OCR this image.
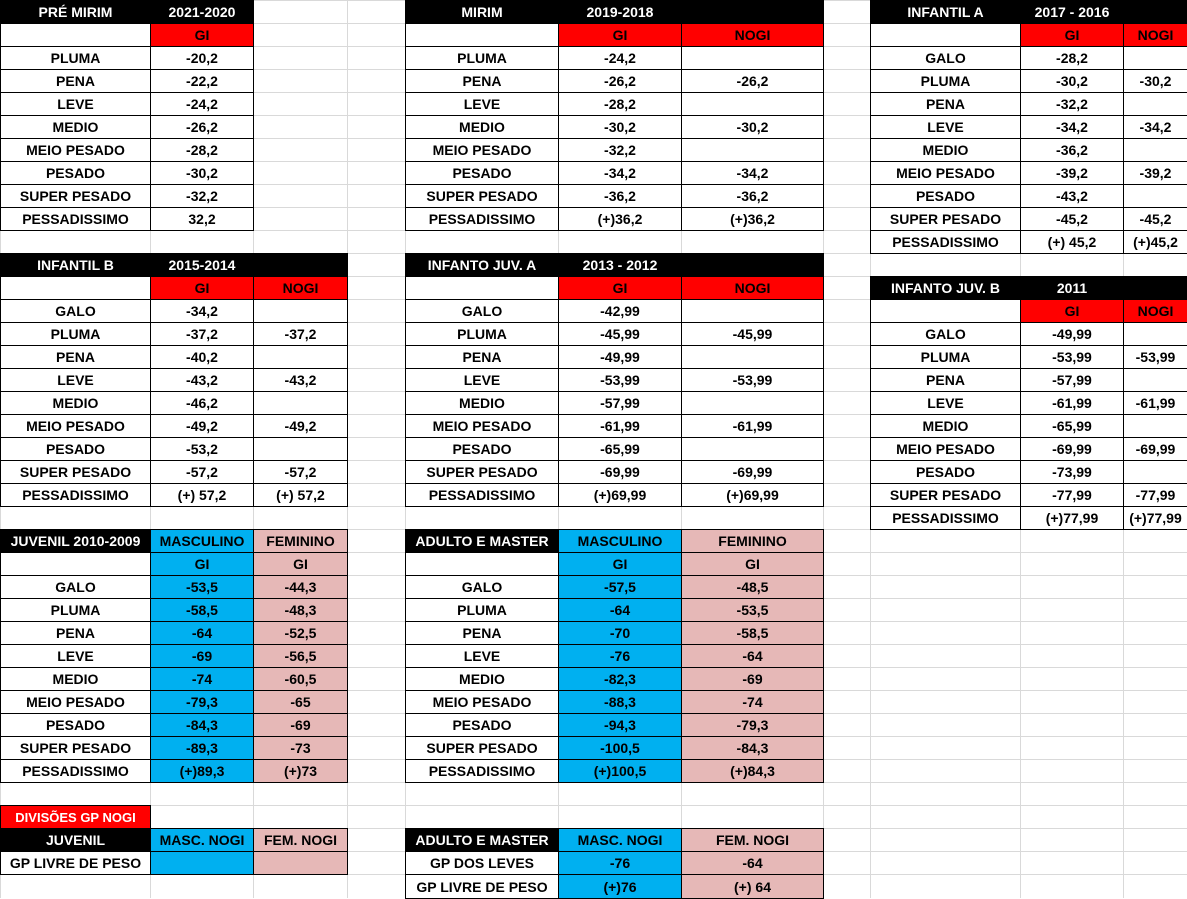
PRÉ MIRIM	2021-2020
GI
PLUMA	-20,2
PENA	-22,2
LEVE	-24,2
MEDIO	-26,2
MEIO PESADO	-28,2
PESADO	-30,2
SUPER PESADO	-32,2
PESSADISSIMO	32,2
MIRIM	2019-2018
GI	NOGI
PLUMA	-24,2
PENA	-26,2	-26,2
LEVE	-28,2
MEDIO	-30,2	-30,2
MEIO PESADO	-32,2
PESADO	-34,2	-34,2
SUPER PESADO	-36,2	-36,2
PESSADISSIMO	(+)36,2	(+)36,2
INFANTIL A	2017 - 2016
GI	NOGI
GALO	-28,2
PLUMA	-30,2	-30,2
PENA	-32,2
LEVE	-34,2	-34,2
MEDIO	-36,2
MEIO PESADO	-39,2	-39,2
PESADO	-43,2
SUPER PESADO	-45,2	-45,2
PESSADISSIMO	(+) 45,2	(+)45,2
INFANTIL B	2015-2014
GI	NOGI
GALO	-34,2
PLUMA	-37,2	-37,2
PENA	-40,2
LEVE	-43,2	-43,2
MEDIO	-46,2
MEIO PESADO	-49,2	-49,2
PESADO	-53,2
SUPER PESADO	-57,2	-57,2
PESSADISSIMO	(+) 57,2	(+) 57,2
INFANTO JUV. A	2013 - 2012
GI	NOGI
GALO	-42,99
PLUMA	-45,99	-45,99
PENA	-49,99
LEVE	-53,99	-53,99
MEDIO	-57,99
MEIO PESADO	-61,99	-61,99
PESADO	-65,99
SUPER PESADO	-69,99	-69,99
PESSADISSIMO	(+)69,99	(+)69,99
INFANTO JUV. B	2011
GI	NOGI
GALO	-49,99
PLUMA	-53,99	-53,99
PENA	-57,99
LEVE	-61,99	-61,99
MEDIO	-65,99
MEIO PESADO	-69,99	-69,99
PESADO	-73,99
SUPER PESADO	-77,99	-77,99
PESSADISSIMO	(+)77,99	(+)77,99
JUVENIL 2010-2009	MASCULINO	FEMININO
GI	GI
GALO	-53,5	-44,3
PLUMA	-58,5	-48,3
PENA	-64	-52,5
LEVE	-69	-56,5
MEDIO	-74	-60,5
MEIO PESADO	-79,3	-65
PESADO	-84,3	-69
SUPER PESADO	-89,3	-73
PESSADISSIMO	(+)89,3	(+)73
ADULTO E MASTER	MASCULINO	FEMININO
GI	GI
GALO	-57,5	-48,5
PLUMA	-64	-53,5
PENA	-70	-58,5
LEVE	-76	-64
MEDIO	-82,3	-69
MEIO PESADO	-88,3	-74
PESADO	-94,3	-79,3
SUPER PESADO	-100,5	-84,3
PESSADISSIMO	(+)100,5	(+)84,3
DIVISÕES GP NOGI
JUVENIL	MASC. NOGI	FEM. NOGI
GP LIVRE DE PESO
ADULTO E MASTER	MASC. NOGI	FEM. NOGI
GP DOS LEVES	-76	-64
GP LIVRE DE PESO	(+)76	(+) 64
